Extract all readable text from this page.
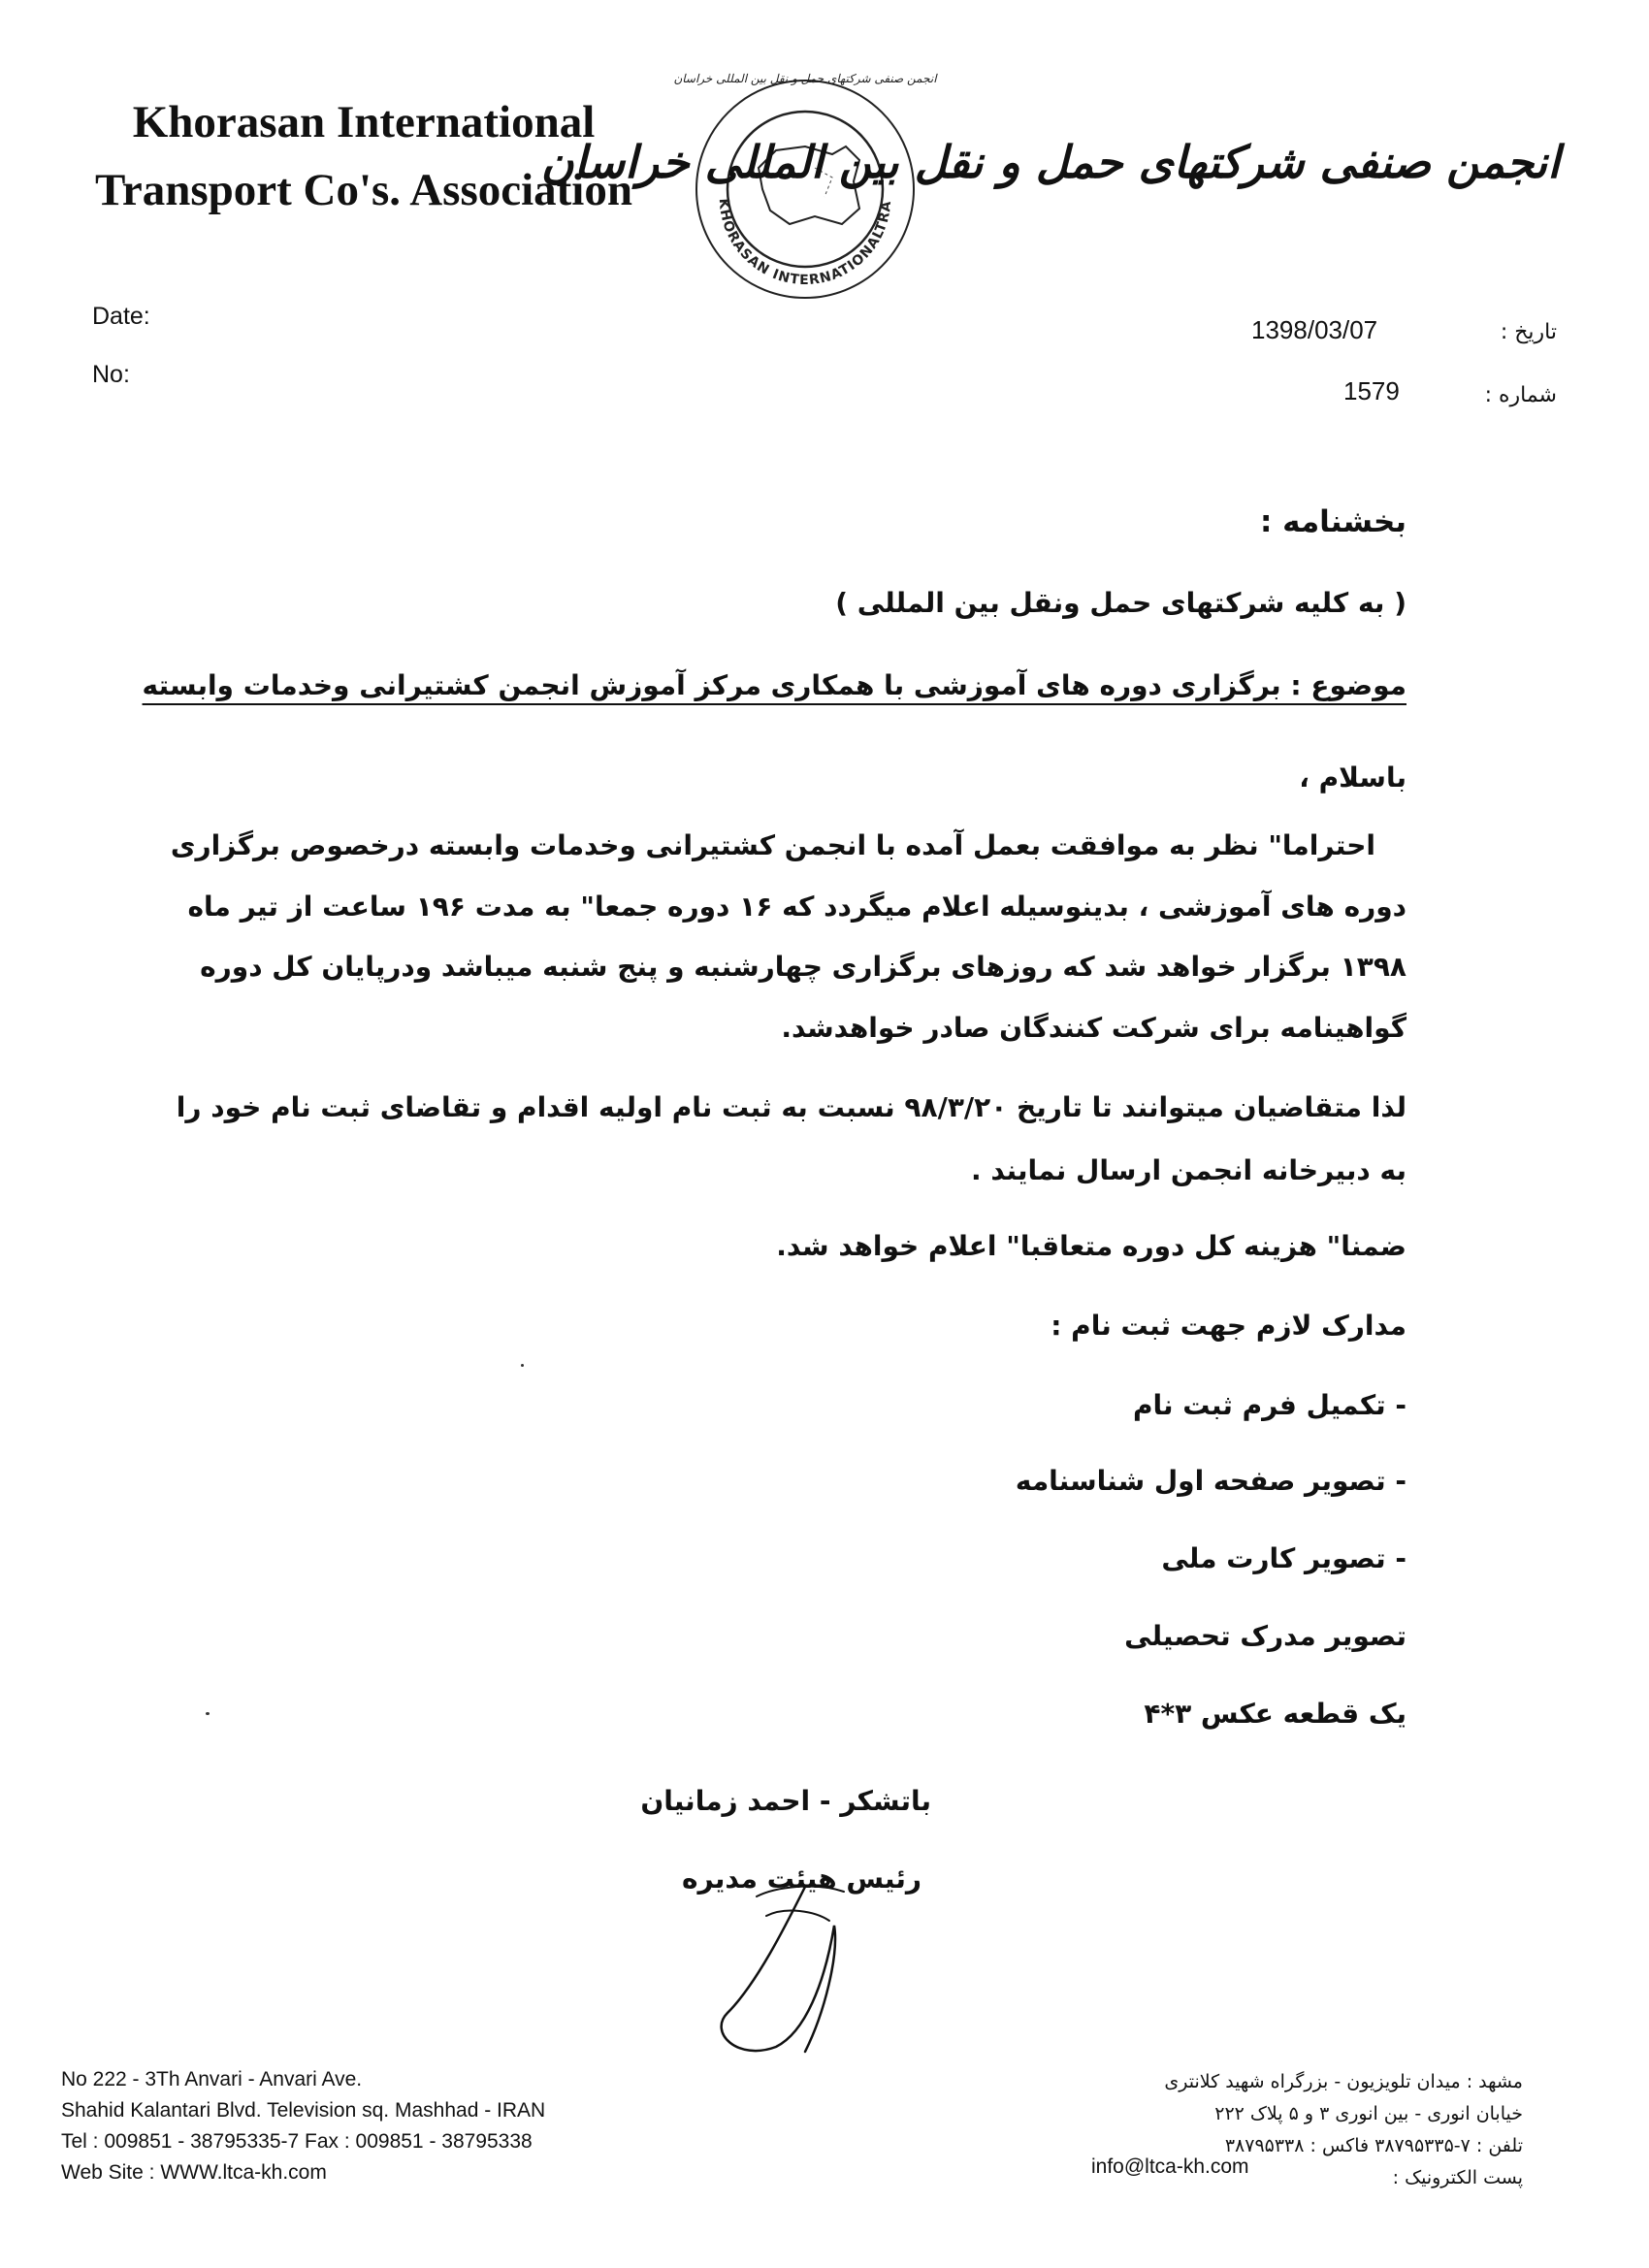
Khorasan International
Transport Co's. Association	KHORASAN INTERNATIONALTRA
انجمن صنفی شرکتهای حمل و نقل بین المللی خراسان
انجمن صنفی شرکتهای حمل و نقل بین المللی خراسان
Date:
No:
1398/03/07
1579
تاریخ :
شماره :
بخشنامه :
( به کلیه شرکتهای حمل ونقل بین المللی )
موضوع : برگزاری دوره های آموزشی با همکاری مرکز آموزش انجمن کشتیرانی وخدمات وابسته
باسلام ،
احتراما" نظر به موافقت بعمل آمده با انجمن کشتیرانی وخدمات وابسته درخصوص برگزاری
دوره های آموزشی ، بدینوسیله اعلام میگردد که ۱۶ دوره جمعا" به مدت ۱۹۶ ساعت از تیر ماه
۱۳۹۸ برگزار خواهد شد که روزهای برگزاری چهارشنبه و پنج شنبه میباشد ودرپایان کل دوره
گواهینامه برای شرکت کنندگان صادر خواهدشد.
لذا متقاضیان میتوانند تا تاریخ ۹۸/۳/۲۰ نسبت به ثبت نام اولیه اقدام و تقاضای ثبت نام خود را
به دبیرخانه انجمن ارسال نمایند .
ضمنا" هزینه کل دوره متعاقبا" اعلام خواهد شد.
مدارک لازم جهت ثبت نام :
- تکمیل فرم ثبت نام
- تصویر صفحه اول شناسنامه
- تصویر کارت ملی
تصویر مدرک تحصیلی
یک قطعه عکس ۳*۴
باتشکر - احمد زمانیان
رئیس هیئت مدیره
No 222 - 3Th Anvari - Anvari Ave.
Shahid Kalantari Blvd. Television sq. Mashhad - IRAN
Tel : 009851 - 38795335-7 Fax : 009851 - 38795338
Web Site : WWW.ltca-kh.com
مشهد : میدان تلویزیون - بزرگراه شهید کلانتری
خیابان انوری - بین انوری ۳ و ۵ پلاک ۲۲۲
تلفن : ۷-۳۸۷۹۵۳۳۵ فاکس : ۳۸۷۹۵۳۳۸
پست الکترونیک :
info@ltca-kh.com
